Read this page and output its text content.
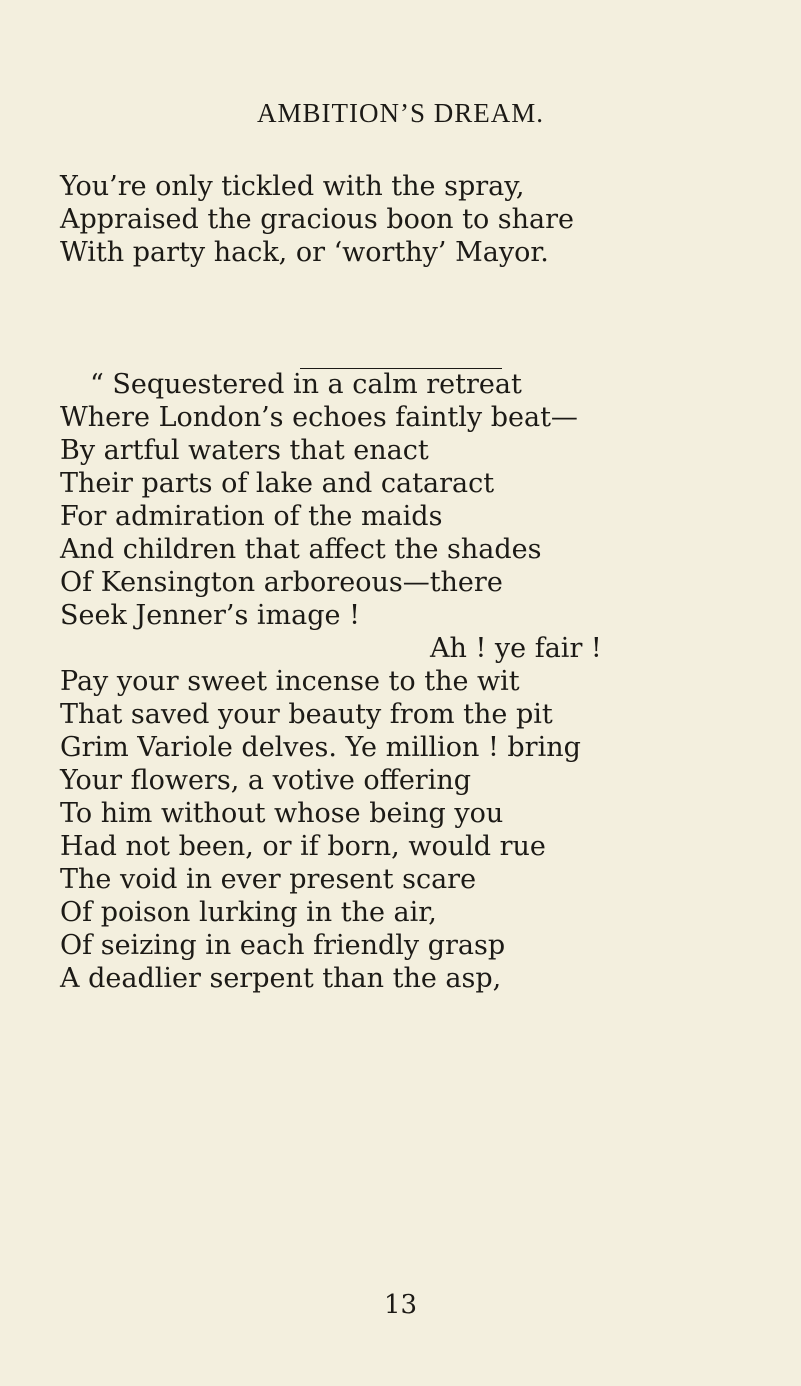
AMBITION’S DREAM.
You’re only tickled with the spray,
Appraised the gracious boon to share
With party hack, or ‘worthy’ Mayor.
“ Sequestered in a calm retreat
Where London’s echoes faintly beat—
By artful waters that enact
Their parts of lake and cataract
For admiration of the maids
And children that affect the shades
Of Kensington arboreous—there
Seek Jenner’s image !
Ah ! ye fair !
Pay your sweet incense to the wit
That saved your beauty from the pit
Grim Variole delves. Ye million ! bring
Your flowers, a votive offering
To him without whose being you
Had not been, or if born, would rue
The void in ever present scare
Of poison lurking in the air,
Of seizing in each friendly grasp
A deadlier serpent than the asp,
13
